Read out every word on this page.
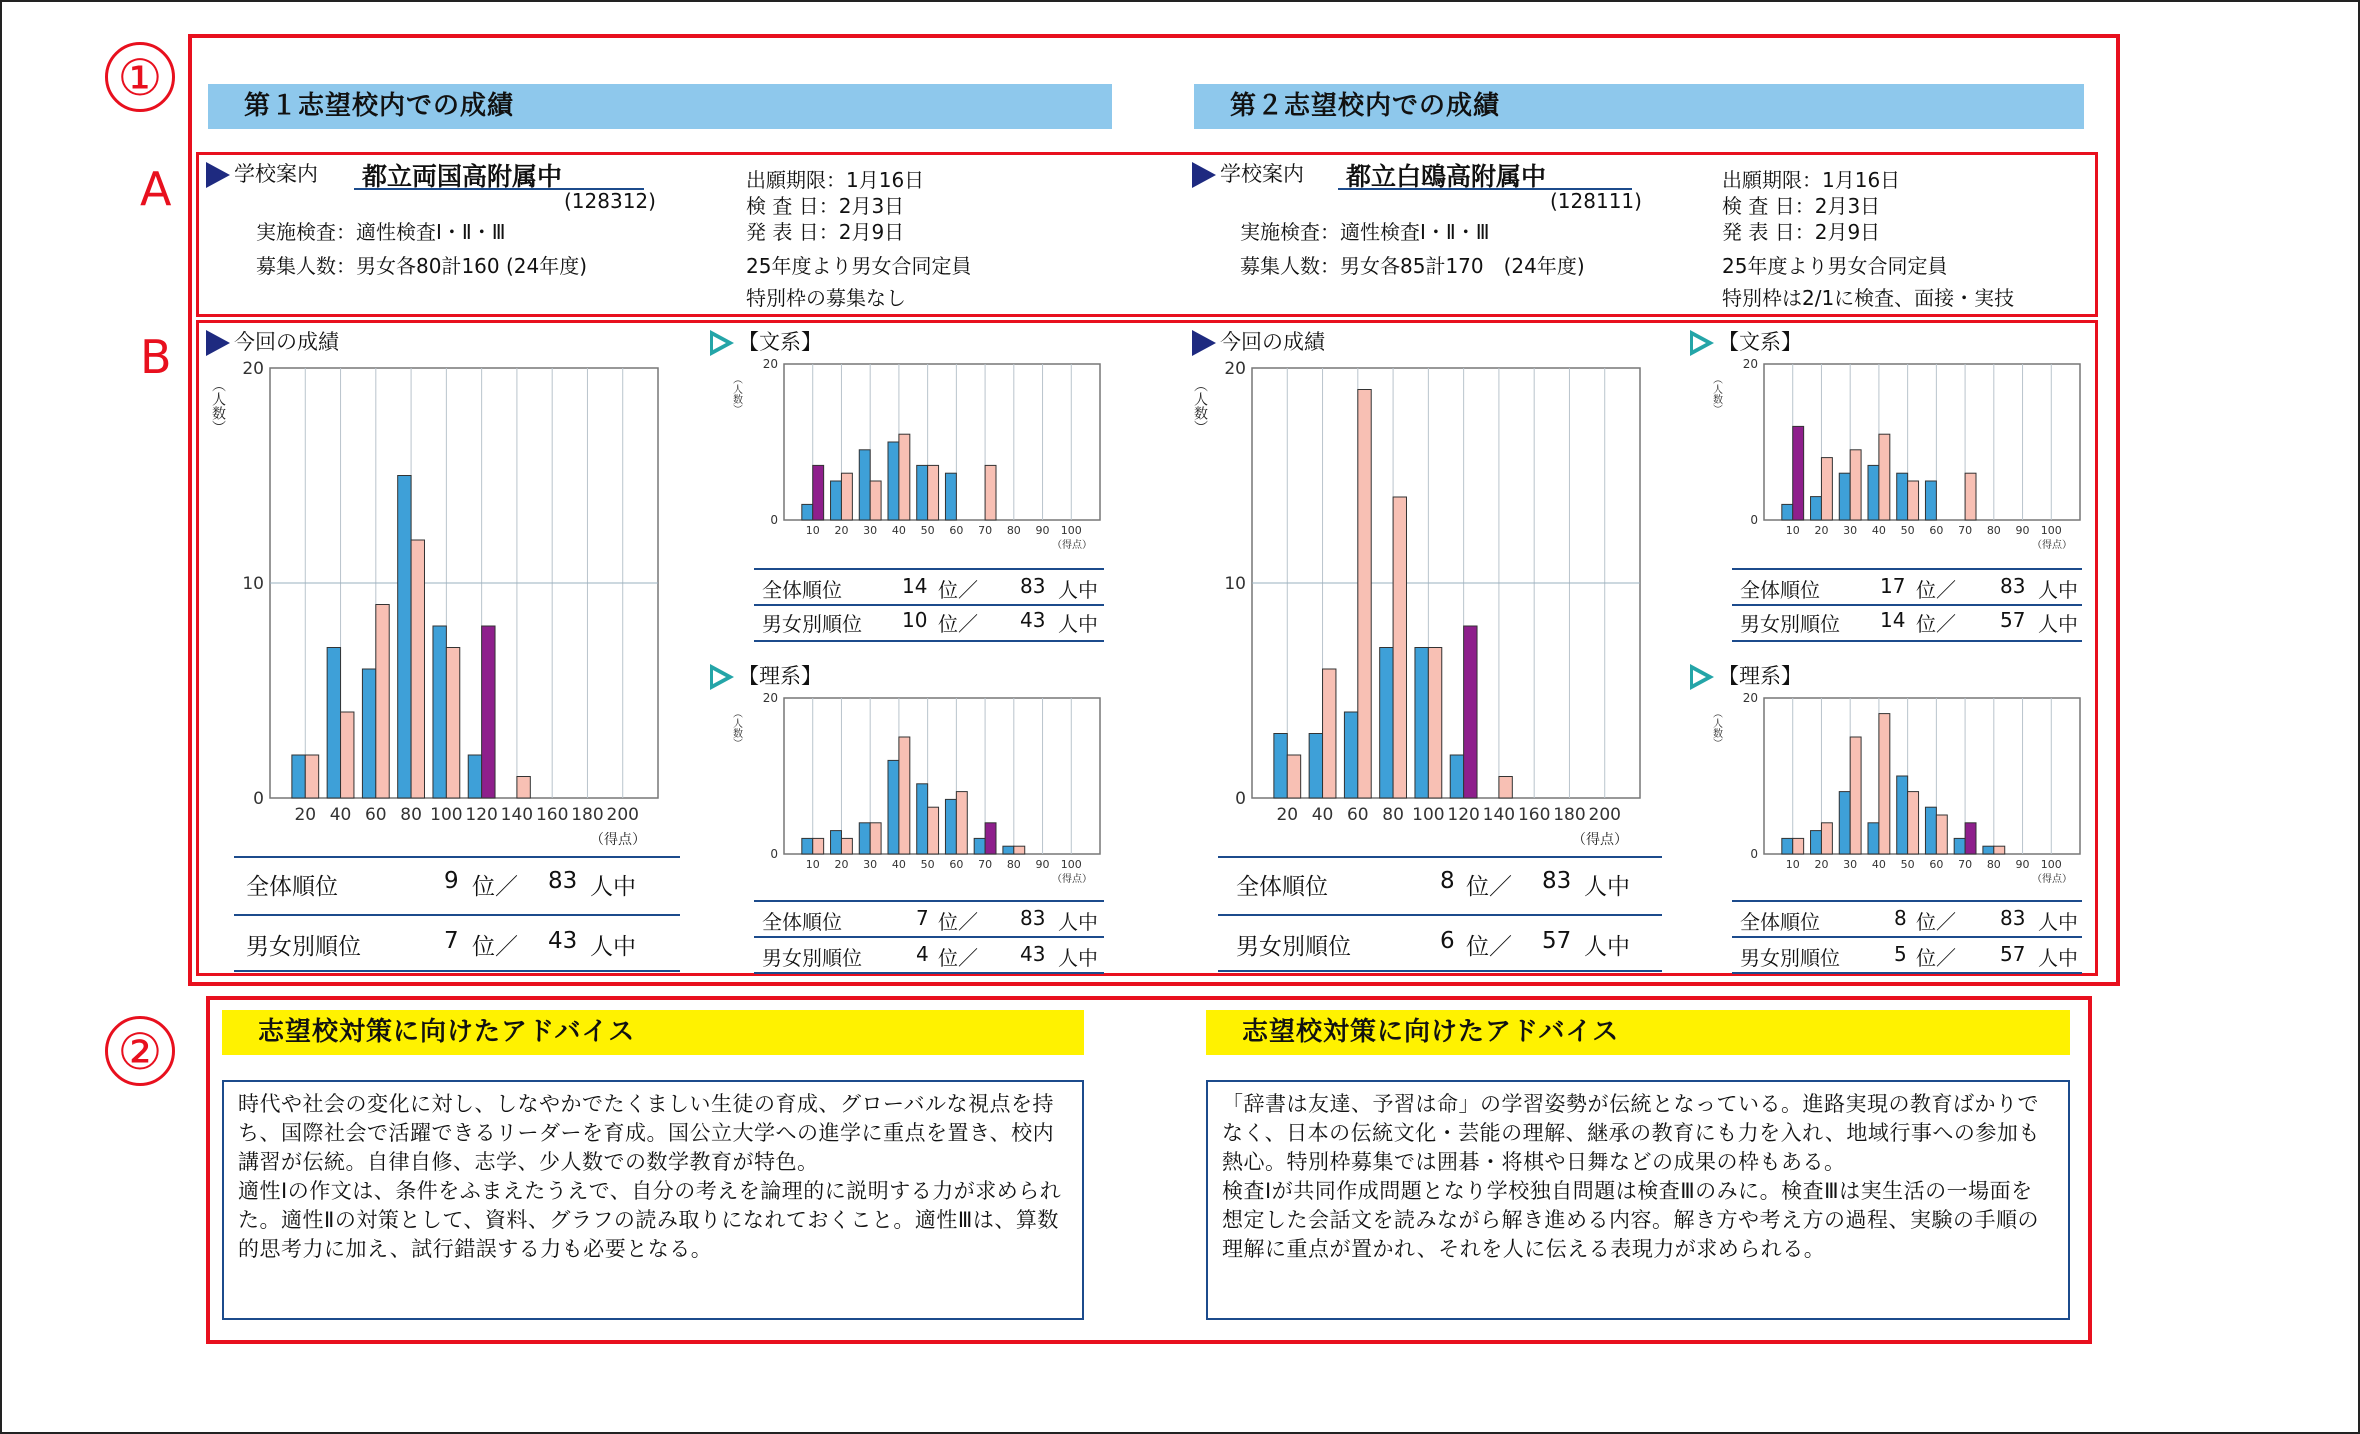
①
②
A
B
第１志望校内での成績
学校案内 都立両国高附属中
(128312)
実施検査：適性検査Ⅰ・Ⅱ・Ⅲ
募集人数：男女各80計160 (24年度)
出願期限：1月16日
検 査 日：2月3日
発 表 日：2月9日
25年度より男女合同定員
特別枠の募集なし
今回の成績	【文系】
【理系】
0
10
20
20 40 60 80 100 120 140 160 180 200
（得点）
（人数）
0
20
10 20 30 40 50 60 70 80 90 100
（得点）
（人数）
0
20
10 20 30 40 50 60 70 80 90 100
（得点）
（人数）
全体順位	9 位／ 83 人中
男女別順位	7 位／ 43 人中
全体順位	14 位／ 83 人中
男女別順位 10 位／ 43 人中
全体順位	7 位／ 83 人中
男女別順位	4 位／ 43 人中
志望校対策に向けたアドバイス
時代や社会の変化に対し、しなやかでたくましい生徒の育成、グローバルな視点を持ち、国際社会で活躍できるリーダーを育成。国公立大学への進学に重点を置き、校内講習が伝統。自律自修、志学、少人数での数学教育が特色。
適性Ⅰの作文は、条件をふまえたうえで、自分の考えを論理的に説明する力が求められた。適性Ⅱの対策として、資料、グラフの読み取りになれておくこと。適性Ⅲは、算数的思考力に加え、試行錯誤する力も必要となる。
第２志望校内での成績
学校案内 都立白鴎高附属中
(128111)
実施検査：適性検査Ⅰ・Ⅱ・Ⅲ
募集人数：男女各85計170　(24年度)
出願期限：1月16日
検 査 日：2月3日
発 表 日：2月9日
25年度より男女合同定員
特別枠は2/1に検査、面接・実技
今回の成績	【文系】
【理系】
0
10
20
20 40 60 80 100 120 140 160 180 200
（得点）
（人数）
0
20
10 20 30 40 50 60 70 80 90 100
（得点）
（人数）
0
20
10 20 30 40 50 60 70 80 90 100
（得点）
（人数）
全体順位	8 位／ 83 人中
男女別順位	6 位／ 57 人中
全体順位	17 位／ 83 人中
男女別順位 14 位／ 57 人中
全体順位	8 位／ 83 人中
男女別順位	5 位／ 57 人中
志望校対策に向けたアドバイス
「辞書は友達、予習は命」の学習姿勢が伝統となっている。進路実現の教育ばかりでなく、日本の伝統文化・芸能の理解、継承の教育にも力を入れ、地域行事への参加も熱心。特別枠募集では囲碁・将棋や日舞などの成果の枠もある。
検査Ⅰが共同作成問題となり学校独自問題は検査Ⅲのみに。検査Ⅲは実生活の一場面を想定した会話文を読みながら解き進める内容。解き方や考え方の過程、実験の手順の理解に重点が置かれ、それを人に伝える表現力が求められる。
